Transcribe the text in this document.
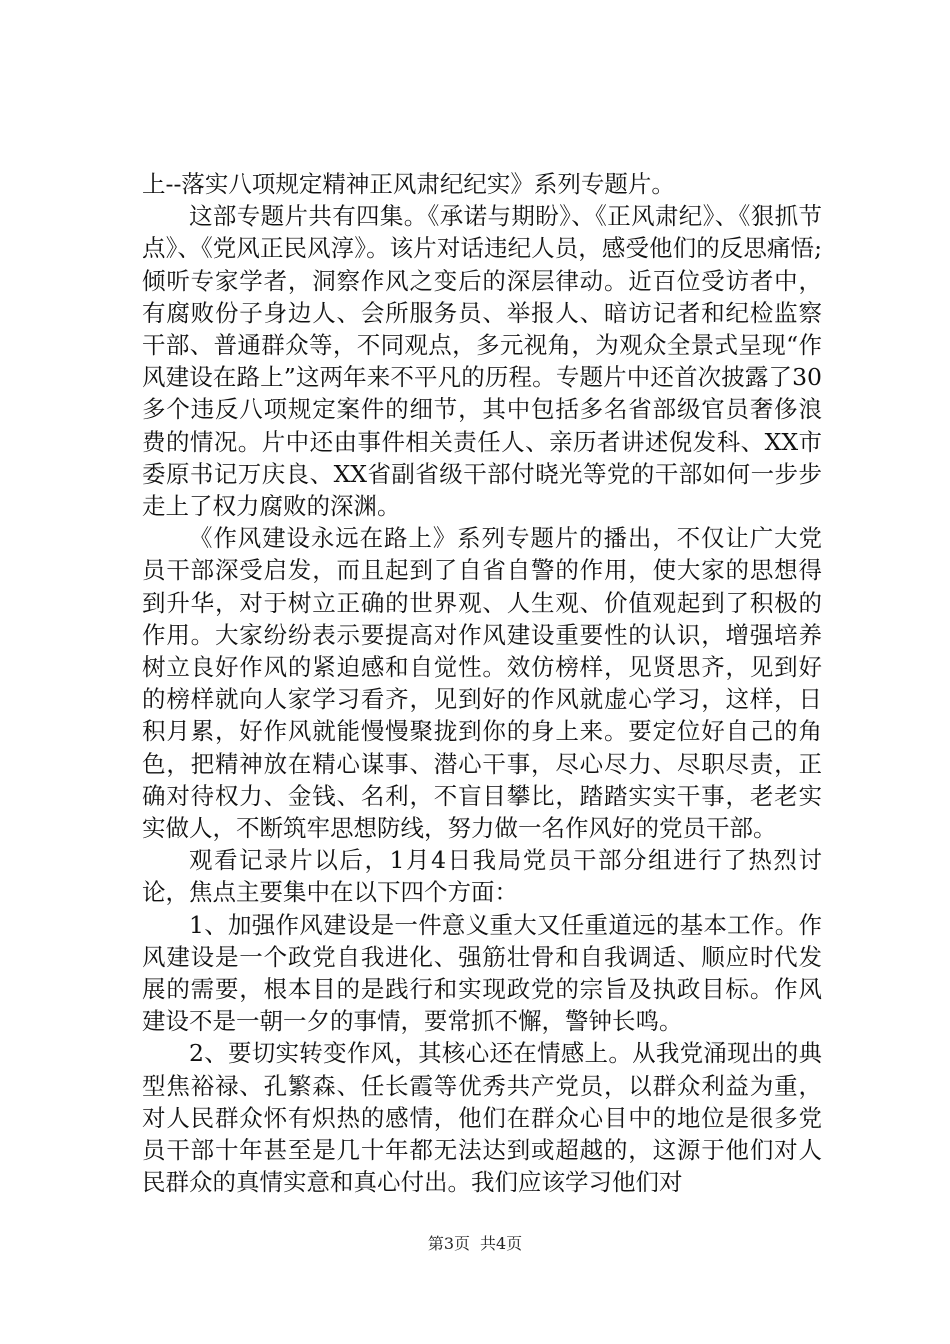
上--落实八项规定精神正风肃纪纪实》系列专题片。

这部专题片共有四集。《承诺与期盼》、《正风肃纪》、《狠抓节点》、《党风正民风淳》。该片对话违纪人员，感受他们的反思痛悟;倾听专家学者，洞察作风之变后的深层律动。近百位受访者中，有腐败份子身边人、会所服务员、举报人、暗访记者和纪检监察干部、普通群众等，不同观点，多元视角，为观众全景式呈现“作风建设在路上”这两年来不平凡的历程。专题片中还首次披露了30多个违反八项规定案件的细节，其中包括多名省部级官员奢侈浪费的情况。片中还由事件相关责任人、亲历者讲述倪发科、XX市委原书记万庆良、XX省副省级干部付晓光等党的干部如何一步步走上了权力腐败的深渊。

《作风建设永远在路上》系列专题片的播出，不仅让广大党员干部深受启发，而且起到了自省自警的作用，使大家的思想得到升华，对于树立正确的世界观、人生观、价值观起到了积极的作用。大家纷纷表示要提高对作风建设重要性的认识，增强培养树立良好作风的紧迫感和自觉性。效仿榜样，见贤思齐，见到好的榜样就向人家学习看齐，见到好的作风就虚心学习，这样，日积月累，好作风就能慢慢聚拢到你的身上来。要定位好自己的角色，把精神放在精心谋事、潜心干事，尽心尽力、尽职尽责，正确对待权力、金钱、名利，不盲目攀比，踏踏实实干事，老老实实做人，不断筑牢思想防线，努力做一名作风好的党员干部。

观看记录片以后，1月4日我局党员干部分组进行了热烈讨论，焦点主要集中在以下四个方面：

1、加强作风建设是一件意义重大又任重道远的基本工作。作风建设是一个政党自我进化、强筋壮骨和自我调适、顺应时代发展的需要，根本目的是践行和实现政党的宗旨及执政目标。作风建设不是一朝一夕的事情，要常抓不懈，警钟长鸣。

2、要切实转变作风，其核心还在情感上。从我党涌现出的典型焦裕禄、孔繁森、任长霞等优秀共产党员，以群众利益为重，对人民群众怀有炽热的感情，他们在群众心目中的地位是很多党员干部十年甚至是几十年都无法达到或超越的，这源于他们对人民群众的真情实意和真心付出。我们应该学习他们对

第3页 共4页
